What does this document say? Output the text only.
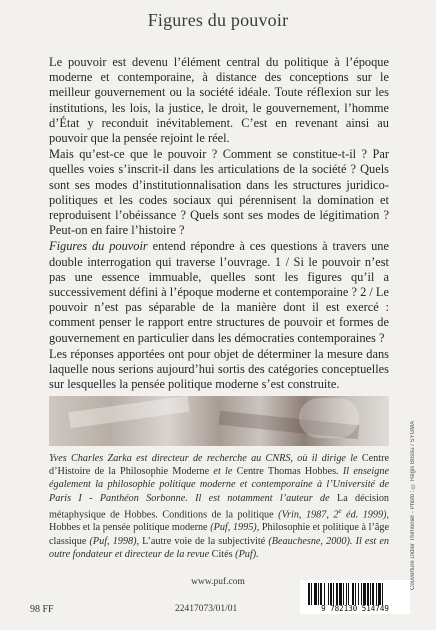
Figures du pouvoir

Le pouvoir est devenu l’élément central du politique à l’époque moderne et contemporaine, à distance des conceptions sur le meilleur gouvernement ou la société idéale. Toute réflexion sur les institutions, les lois, la justice, le droit, le gouvernement, l’homme d’État y reconduit inévitablement. C’est en revenant ainsi au pouvoir que la pensée rejoint le réel.

Mais qu’est-ce que le pouvoir ? Comment se constitue-t-il ? Par quelles voies s’inscrit-il dans les articulations de la société ? Quels sont ses modes d’institutionnalisation dans les structures juridico-politiques et les codes sociaux qui pérennisent la domination et reproduisent l’obéissance ? Quels sont ses modes de légitimation ? Peut-on en faire l’histoire ?

Figures du pouvoir entend répondre à ces questions à travers une double interrogation qui traverse l’ouvrage. 1 / Si le pouvoir n’est pas une essence immuable, quelles sont les figures qu’il a successivement défini à l’époque moderne et contemporaine ? 2 / Le pouvoir n’est pas séparable de la manière dont il est exercé : comment penser le rapport entre structures de pouvoir et formes de gouvernement en particulier dans les démocraties contemporaines ?

Les réponses apportées ont pour objet de déterminer la mesure dans laquelle nous serions aujourd’hui sortis des catégories conceptuelles sur lesquelles la pensée politique moderne s’est construite.

Yves Charles Zarka est directeur de recherche au CNRS, où il dirige le Centre d’Histoire de la Philosophie Moderne et le Centre Thomas Hobbes. Il enseigne également la philosophie politique moderne et contemporaine à l’Université de Paris I - Panthéon Sorbonne. Il est notamment l’auteur de La décision métaphysique de Hobbes. Conditions de la politique (Vrin, 1987, 2e éd. 1999), Hobbes et la pensée politique moderne (Puf, 1995), Philosophie et politique à l’âge classique (Puf, 1998), L’autre voie de la subjectivité (Beauchesne, 2000). Il est en outre fondateur et directeur de la revue Cités (Puf).
www.puf.com
98 FF	22417073/01/01	9 782130 514749
Couverture Didier Thimonier - Photo : © Régis Bossu / SYGMA
